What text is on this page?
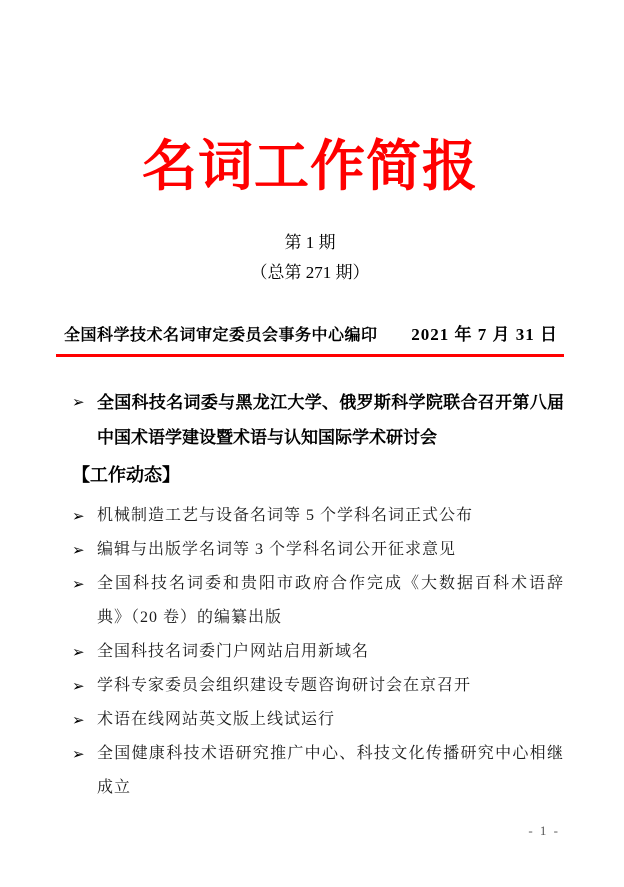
名词工作简报
第 1 期
（总第 271 期）
全国科学技术名词审定委员会事务中心编印 2021 年 7 月 31 日
➢ 全国科技名词委与黑龙江大学、俄罗斯科学院联合召开第八届中国术语学建设暨术语与认知国际学术研讨会
【工作动态】
➢ 机械制造工艺与设备名词等 5 个学科名词正式公布
➢ 编辑与出版学名词等 3 个学科名词公开征求意见
➢ 全国科技名词委和贵阳市政府合作完成《大数据百科术语辞典》（20 卷）的编纂出版
➢ 全国科技名词委门户网站启用新域名
➢ 学科专家委员会组织建设专题咨询研讨会在京召开
➢ 术语在线网站英文版上线试运行
➢ 全国健康科技术语研究推广中心、科技文化传播研究中心相继成立
- 1 -
